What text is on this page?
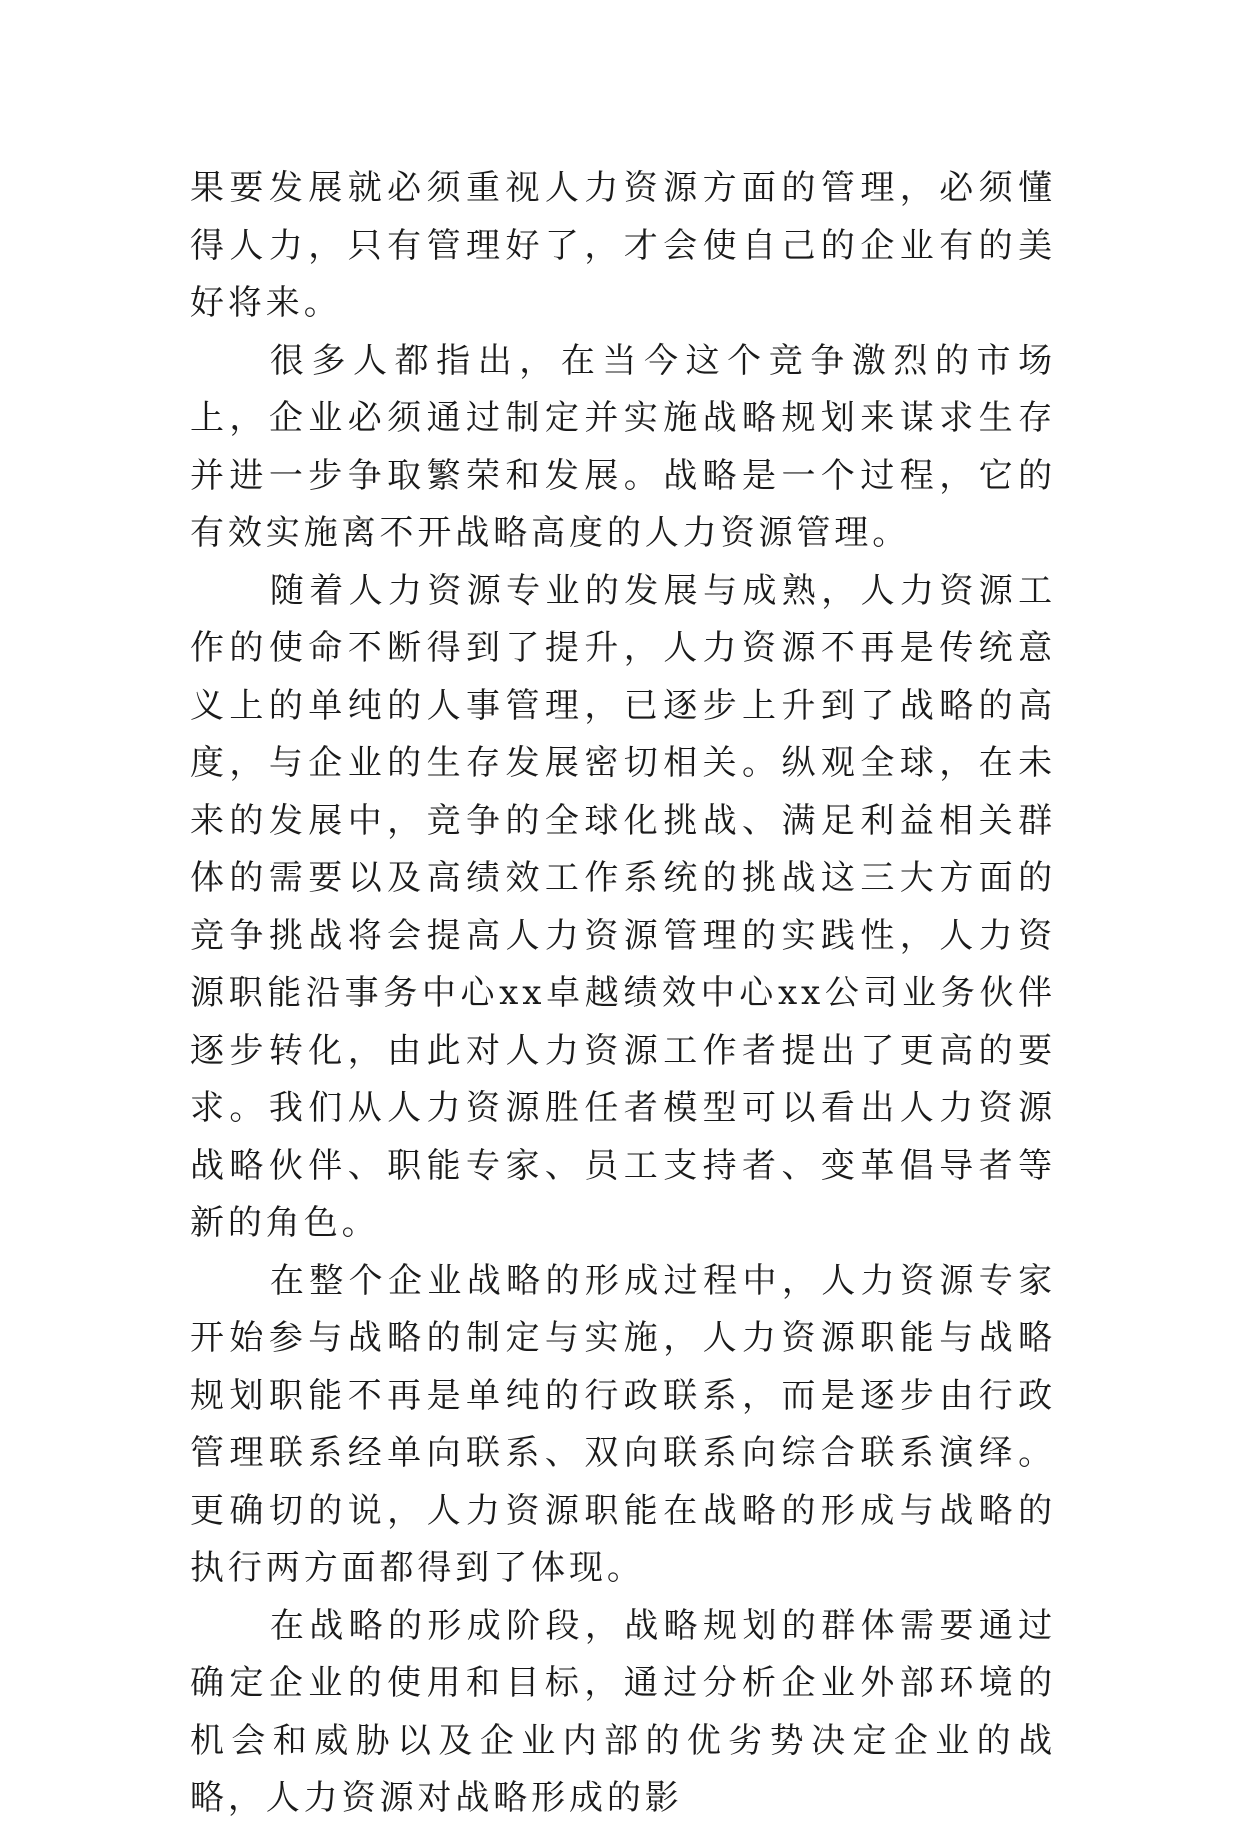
果要发展就必须重视人力资源方面的管理，必须懂得人力，只有管理好了，才会使自己的企业有的美好将来。

很多人都指出，在当今这个竞争激烈的市场上，企业必须通过制定并实施战略规划来谋求生存并进一步争取繁荣和发展。战略是一个过程，它的有效实施离不开战略高度的人力资源管理。

随着人力资源专业的发展与成熟，人力资源工作的使命不断得到了提升，人力资源不再是传统意义上的单纯的人事管理，已逐步上升到了战略的高度，与企业的生存发展密切相关。纵观全球，在未来的发展中，竞争的全球化挑战、满足利益相关群体的需要以及高绩效工作系统的挑战这三大方面的竞争挑战将会提高人力资源管理的实践性，人力资源职能沿事务中心xx卓越绩效中心xx公司业务伙伴逐步转化，由此对人力资源工作者提出了更高的要求。我们从人力资源胜任者模型可以看出人力资源战略伙伴、职能专家、员工支持者、变革倡导者等新的角色。

在整个企业战略的形成过程中，人力资源专家开始参与战略的制定与实施，人力资源职能与战略规划职能不再是单纯的行政联系，而是逐步由行政管理联系经单向联系、双向联系向综合联系演绎。更确切的说，人力资源职能在战略的形成与战略的执行两方面都得到了体现。

在战略的形成阶段，战略规划的群体需要通过确定企业的使用和目标，通过分析企业外部环境的机会和威胁以及企业内部的优劣势决定企业的战略，人力资源对战略形成的影
